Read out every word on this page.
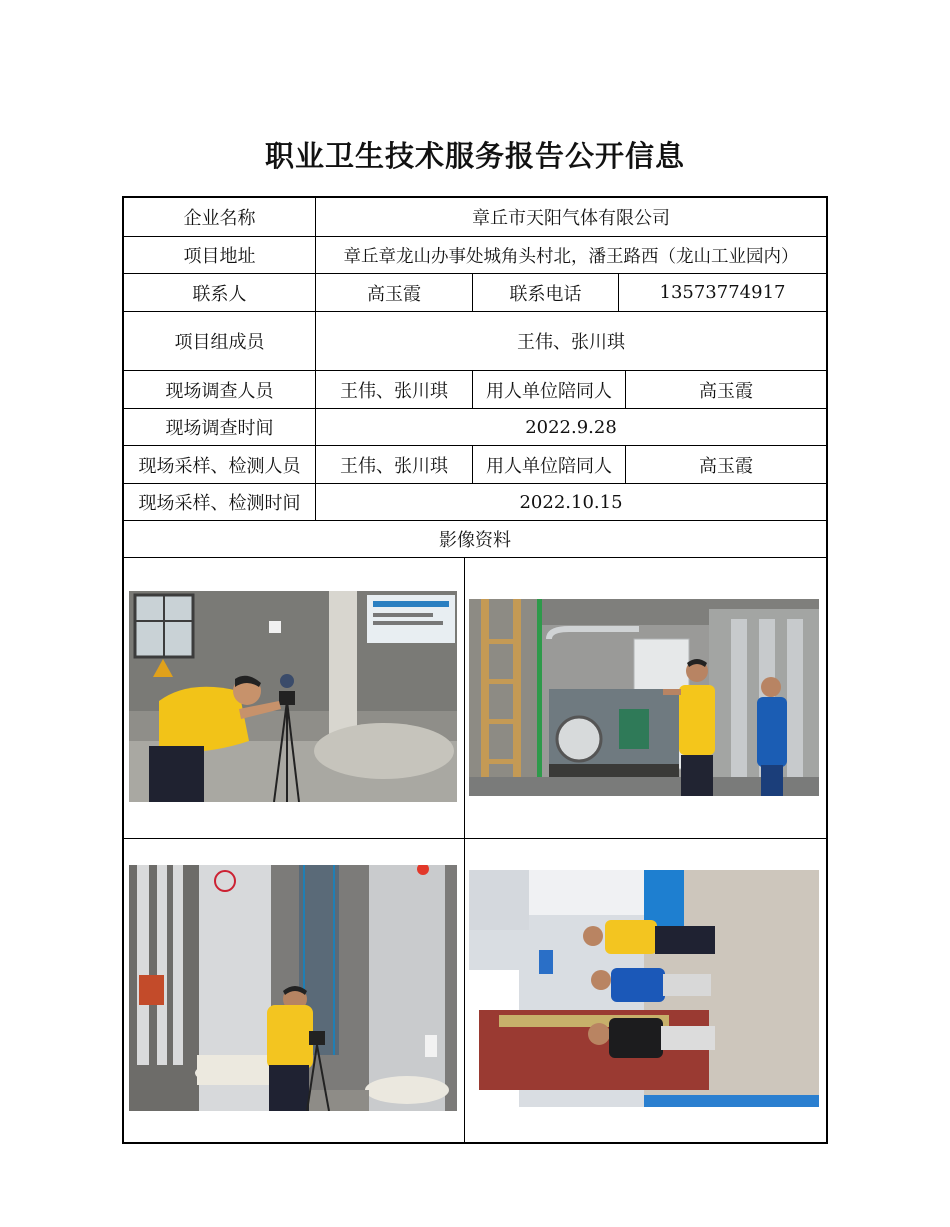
职业卫生技术服务报告公开信息
企业名称	章丘市天阳气体有限公司
项目地址	章丘章龙山办事处城角头村北，潘王路西（龙山工业园内）
联系人	高玉霞	联系电话	13573774917
项目组成员	王伟、张川琪
现场调查人员	王伟、张川琪	用人单位陪同人	高玉霞
现场调查时间	2022.9.28
现场采样、检测人员	王伟、张川琪	用人单位陪同人	高玉霞
现场采样、检测时间	2022.10.15
影像资料
